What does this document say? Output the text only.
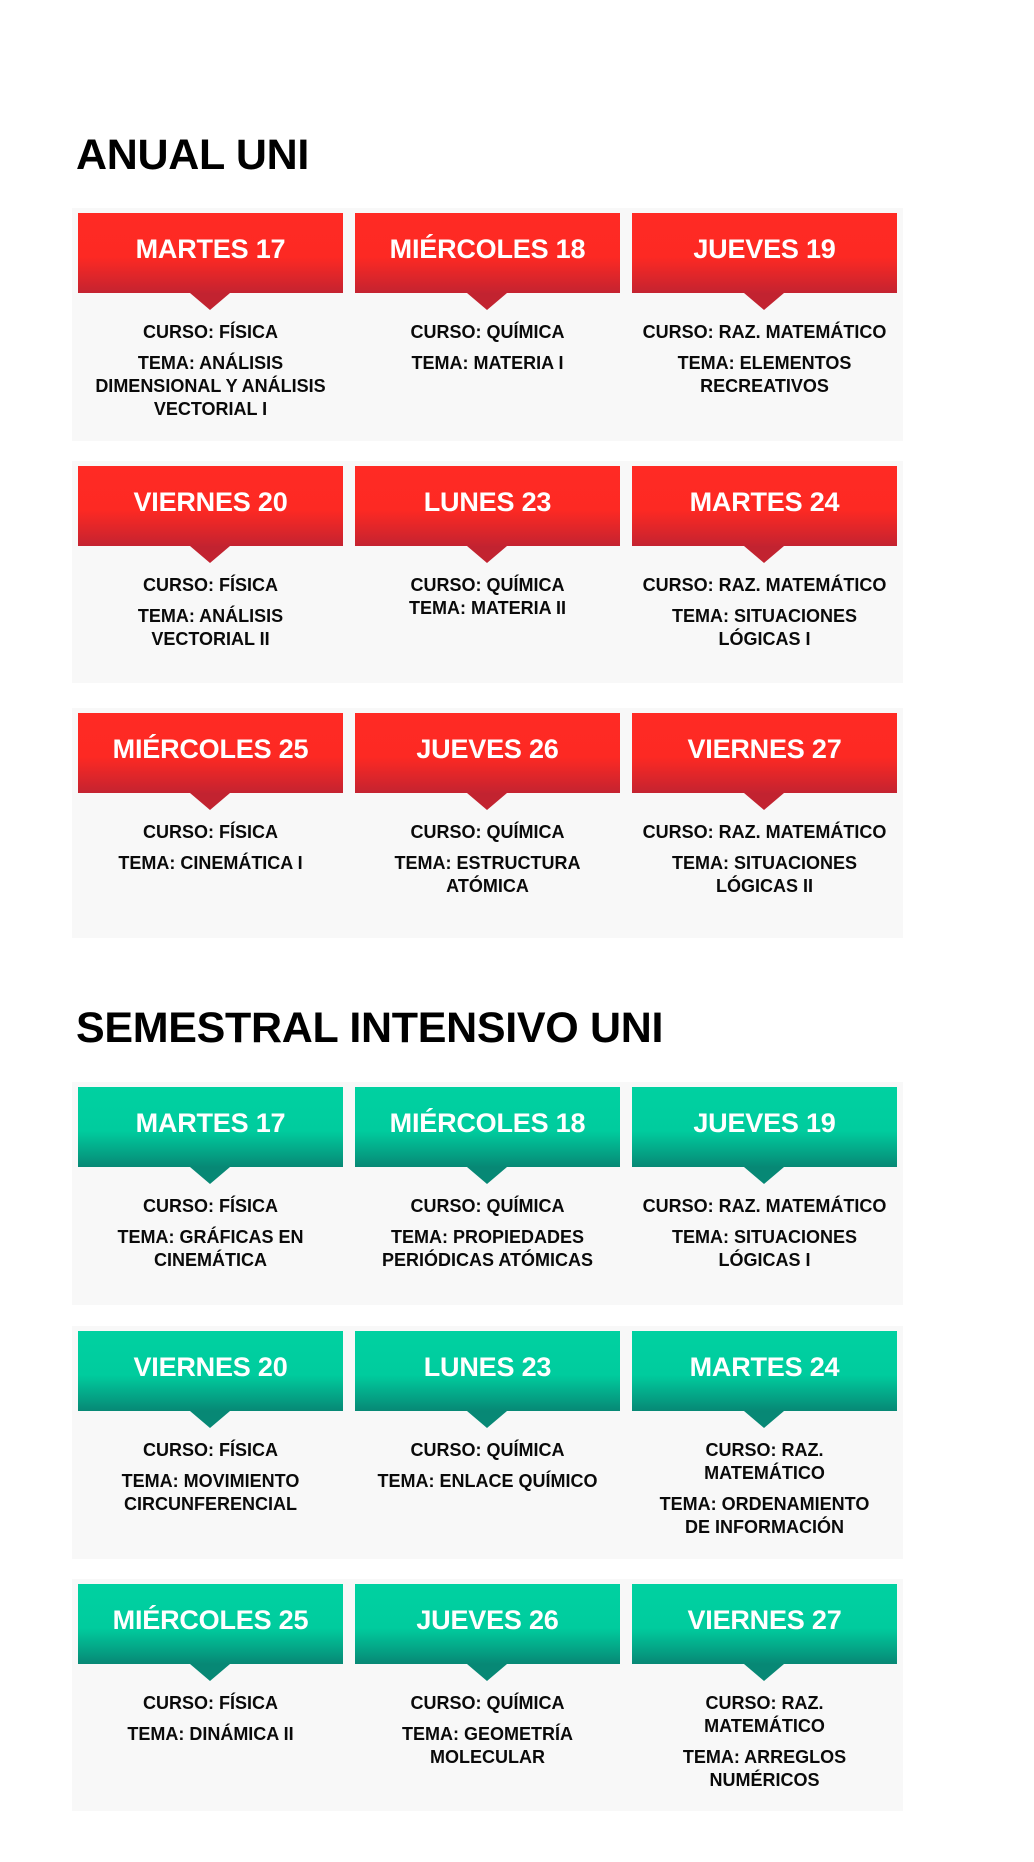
ANUAL UNI
MARTES 17

CURSO: FÍSICA

TEMA: ANÁLISIS
DIMENSIONAL Y ANÁLISIS
VECTORIAL I

MIÉRCOLES 18

CURSO: QUÍMICA

TEMA: MATERIA I

JUEVES 19

CURSO: RAZ. MATEMÁTICO

TEMA: ELEMENTOS
RECREATIVOS

VIERNES 20

CURSO: FÍSICA

TEMA: ANÁLISIS
VECTORIAL II

LUNES 23

CURSO: QUÍMICA
TEMA: MATERIA II

MARTES 24

CURSO: RAZ. MATEMÁTICO

TEMA: SITUACIONES
LÓGICAS I

MIÉRCOLES 25

CURSO: FÍSICA

TEMA: CINEMÁTICA I

JUEVES 26

CURSO: QUÍMICA

TEMA: ESTRUCTURA
ATÓMICA

VIERNES 27

CURSO: RAZ. MATEMÁTICO

TEMA: SITUACIONES
LÓGICAS II

SEMESTRAL INTENSIVO UNI
MARTES 17

CURSO: FÍSICA

TEMA: GRÁFICAS EN
CINEMÁTICA

MIÉRCOLES 18

CURSO: QUÍMICA

TEMA: PROPIEDADES
PERIÓDICAS ATÓMICAS

JUEVES 19

CURSO: RAZ. MATEMÁTICO

TEMA: SITUACIONES
LÓGICAS I

VIERNES 20

CURSO: FÍSICA

TEMA: MOVIMIENTO
CIRCUNFERENCIAL

LUNES 23

CURSO: QUÍMICA

TEMA: ENLACE QUÍMICO

MARTES 24

CURSO: RAZ.
MATEMÁTICO

TEMA: ORDENAMIENTO
DE INFORMACIÓN

MIÉRCOLES 25

CURSO: FÍSICA

TEMA: DINÁMICA II

JUEVES 26

CURSO: QUÍMICA

TEMA: GEOMETRÍA
MOLECULAR

VIERNES 27

CURSO: RAZ.
MATEMÁTICO

TEMA: ARREGLOS
NUMÉRICOS
